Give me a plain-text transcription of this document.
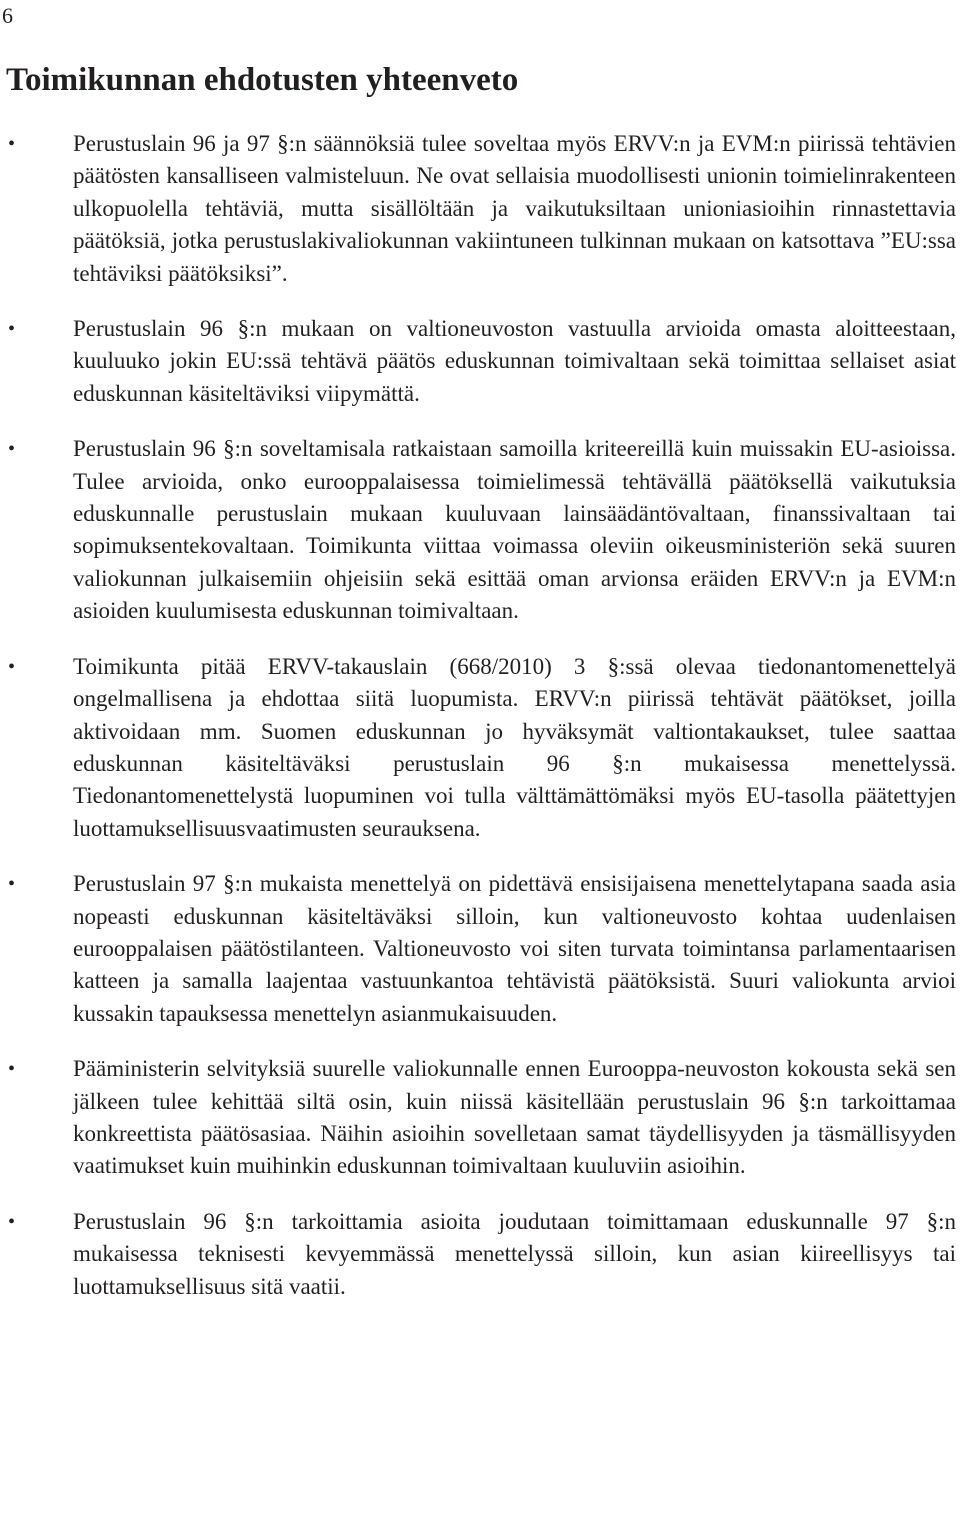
6
Toimikunnan ehdotusten yhteenveto
•	Perustuslain 96 ja 97 §:n säännöksiä tulee soveltaa myös ERVV:n ja EVM:n piirissä tehtävien päätösten kansalliseen valmisteluun. Ne ovat sellaisia muodollisesti unionin toimielinrakenteen ulkopuolella tehtäviä, mutta sisällöltään ja vaikutuksiltaan unioniasioihin rinnastettavia päätöksiä, jotka perustuslakivaliokunnan vakiintuneen tulkinnan mukaan on katsottava ”EU:ssa tehtäviksi päätöksiksi”.
•	Perustuslain 96 §:n mukaan on valtioneuvoston vastuulla arvioida omasta aloitteestaan, kuuluuko jokin EU:ssä tehtävä päätös eduskunnan toimivaltaan sekä toimittaa sellaiset asiat eduskunnan käsiteltäviksi viipymättä.
•	Perustuslain 96 §:n soveltamisala ratkaistaan samoilla kriteereillä kuin muissakin EU-asioissa. Tulee arvioida, onko eurooppalaisessa toimielimessä tehtävällä päätöksellä vaikutuksia eduskunnalle perustuslain mukaan kuuluvaan lainsäädäntövaltaan, finanssivaltaan tai sopimuksentekovaltaan. Toimikunta viittaa voimassa oleviin oikeusministeriön sekä suuren valiokunnan julkaisemiin ohjeisiin sekä esittää oman arvionsa eräiden ERVV:n ja EVM:n asioiden kuulumisesta eduskunnan toimivaltaan.
•	Toimikunta pitää ERVV-takauslain (668/2010) 3 §:ssä olevaa tiedonantomenettelyä ongelmallisena ja ehdottaa siitä luopumista. ERVV:n piirissä tehtävät päätökset, joilla aktivoidaan mm. Suomen eduskunnan jo hyväksymät valtiontakaukset, tulee saattaa eduskunnan käsiteltäväksi perustuslain 96 §:n mukaisessa menettelyssä. Tiedonantomenettelystä luopuminen voi tulla välttämättömäksi myös EU-tasolla päätettyjen luottamuksellisuusvaatimusten seurauksena.
•	Perustuslain 97 §:n mukaista menettelyä on pidettävä ensisijaisena menettelytapana saada asia nopeasti eduskunnan käsiteltäväksi silloin, kun valtioneuvosto kohtaa uudenlaisen eurooppalaisen päätöstilanteen. Valtioneuvosto voi siten turvata toimintansa parlamentaarisen katteen ja samalla laajentaa vastuunkantoa tehtävistä päätöksistä. Suuri valiokunta arvioi kussakin tapauksessa menettelyn asianmukaisuuden.
•	Pääministerin selvityksiä suurelle valiokunnalle ennen Eurooppa-neuvoston kokousta sekä sen jälkeen tulee kehittää siltä osin, kuin niissä käsitellään perustuslain 96 §:n tarkoittamaa konkreettista päätösasiaa. Näihin asioihin sovelletaan samat täydellisyyden ja täsmällisyyden vaatimukset kuin muihinkin eduskunnan toimivaltaan kuuluviin asioihin.
•	Perustuslain 96 §:n tarkoittamia asioita joudutaan toimittamaan eduskunnalle 97 §:n mukaisessa teknisesti kevyemmässä menettelyssä silloin, kun asian kiireellisyys tai luottamuksellisuus sitä vaatii.
